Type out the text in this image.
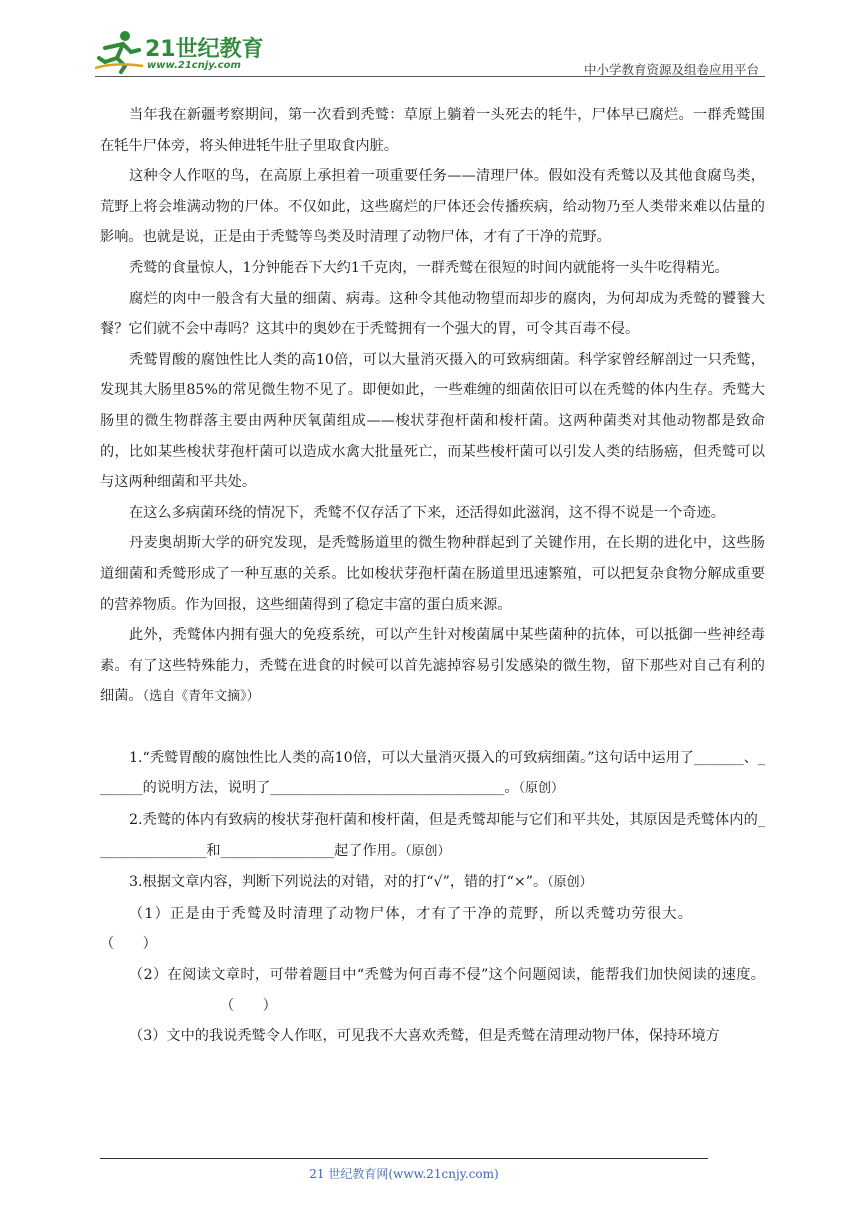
21世纪教育
www.21cnjy.com	中小学教育资源及组卷应用平台

当年我在新疆考察期间，第一次看到秃鹫：草原上躺着一头死去的牦牛，尸体早已腐烂。一群秃鹫围在牦牛尸体旁，将头伸进牦牛肚子里取食内脏。

这种令人作呕的鸟，在高原上承担着一项重要任务——清理尸体。假如没有秃鹫以及其他食腐鸟类，荒野上将会堆满动物的尸体。不仅如此，这些腐烂的尸体还会传播疾病，给动物乃至人类带来难以估量的影响。也就是说，正是由于秃鹫等鸟类及时清理了动物尸体，才有了干净的荒野。

秃鹫的食量惊人，1分钟能吞下大约1千克肉，一群秃鹫在很短的时间内就能将一头牛吃得精光。

腐烂的肉中一般含有大量的细菌、病毒。这种令其他动物望而却步的腐肉，为何却成为秃鹫的饕餮大餐？它们就不会中毒吗？这其中的奥妙在于秃鹫拥有一个强大的胃，可令其百毒不侵。

秃鹫胃酸的腐蚀性比人类的高10倍，可以大量消灭摄入的可致病细菌。科学家曾经解剖过一只秃鹫，发现其大肠里85%的常见微生物不见了。即便如此，一些难缠的细菌依旧可以在秃鹫的体内生存。秃鹫大肠里的微生物群落主要由两种厌氧菌组成——梭状芽孢杆菌和梭杆菌。这两种菌类对其他动物都是致命的，比如某些梭状芽孢杆菌可以造成水禽大批量死亡，而某些梭杆菌可以引发人类的结肠癌，但秃鹫可以与这两种细菌和平共处。

在这么多病菌环绕的情况下，秃鹫不仅存活了下来，还活得如此滋润，这不得不说是一个奇迹。

丹麦奥胡斯大学的研究发现，是秃鹫肠道里的微生物种群起到了关键作用，在长期的进化中，这些肠道细菌和秃鹫形成了一种互惠的关系。比如梭状芽孢杆菌在肠道里迅速繁殖，可以把复杂食物分解成重要的营养物质。作为回报，这些细菌得到了稳定丰富的蛋白质来源。

此外，秃鹫体内拥有强大的免疫系统，可以产生针对梭菌属中某些菌种的抗体，可以抵御一些神经毒素。有了这些特殊能力，秃鹫在进食的时候可以首先滤掉容易引发感染的微生物，留下那些对自己有利的细菌。（选自《青年文摘》）

1.“秃鹫胃酸的腐蚀性比人类的高10倍，可以大量消灭摄入的可致病细菌。”这句话中运用了_______、_______的说明方法，说明了_________________________________。（原创）

2.秃鹫的体内有致病的梭状芽孢杆菌和梭杆菌，但是秃鹫却能与它们和平共处，其原因是秃鹫体内的________________和________________起了作用。（原创）

3.根据文章内容，判断下列说法的对错，对的打“√”，错的打“×”。（原创）

（1）正是由于秃鹫及时清理了动物尸体，才有了干净的荒野，所以秃鹫功劳很大。

（　　）

（2）在阅读文章时，可带着题目中“秃鹫为何百毒不侵”这个问题阅读，能帮我们加快阅读的速度。（　　）

（3）文中的我说秃鹫令人作呕，可见我不大喜欢秃鹫，但是秃鹫在清理动物尸体，保持环境方

21 世纪教育网(www.21cnjy.com)
